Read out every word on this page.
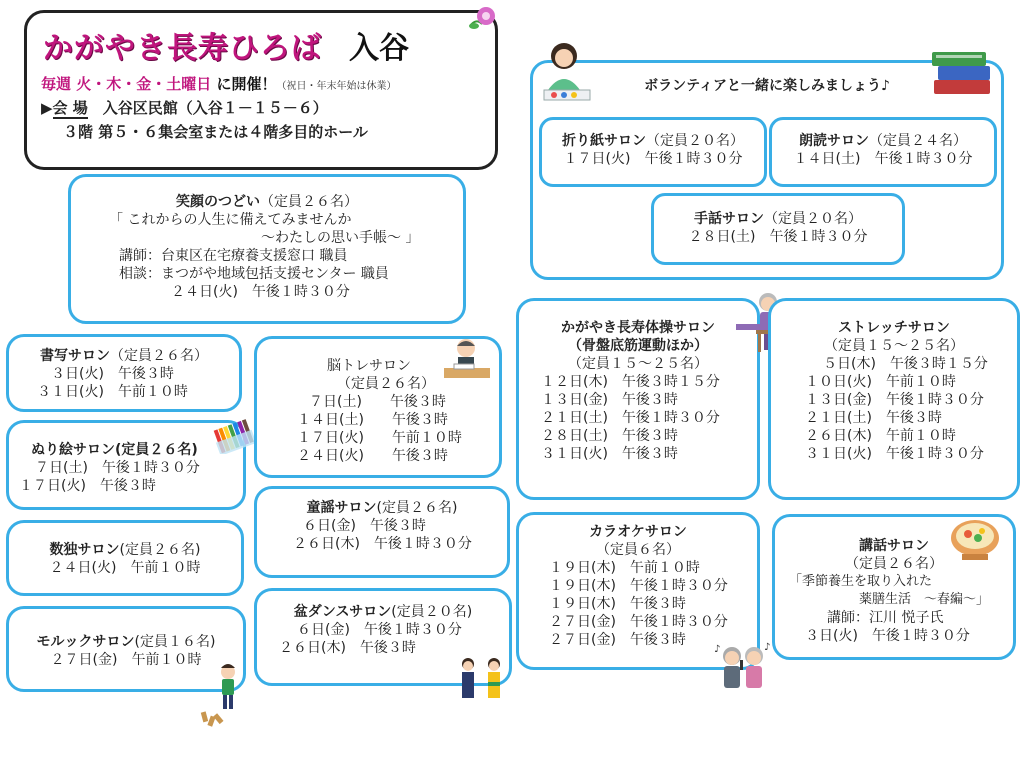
かがやき長寿ひろば 入谷
毎週 火・木・金・土曜日 に開催！（祝日・年末年始は休業）
▶会 場　 入谷区民館（入谷１－１５－６）
３階 第５・６集会室または４階多目的ホール
ボランティアと一緒に楽しみましょう♪
折り紙サロン（定員２０名）
１７日(火)　午後１時３０分
朗読サロン（定員２４名）
１４日(土)　午後１時３０分
手話サロン（定員２０名）
２８日(土)　午後１時３０分
笑顔のつどい（定員２６名）
「 これからの人生に備えてみませんか
～わたしの思い手帳～ 」
講師：台東区在宅療養支援窓口 職員
相談：まつがや地域包括支援センター 職員
２４日(火)　午後１時３０分
書写サロン（定員２６名）
３日(火)　午後３時
３１日(火)　午前１０時
ぬり絵サロン(定員２６名)
７日(土)　午後１時３０分
１７日(火)　午後３時
数独サロン(定員２６名)
２４日(火)　午前１０時
モルックサロン(定員１６名)
２７日(金)　午前１０時
脳トレサロン
（定員２６名）
７日(土)　　午後３時
１４日(土)　　午後３時
１７日(火)　　午前１０時
２４日(火)　　午後３時
童謡サロン(定員２６名)
６日(金)　午後３時
２６日(木)　午後１時３０分
盆ダンスサロン(定員２０名)
６日(金)　午後１時３０分
２６日(木)　午後３時
かがやき長寿体操サロン
（骨盤底筋運動ほか）
（定員１５～２５名）
１２日(木)　午後３時１５分
１３日(金)　午後３時
２１日(土)　午後１時３０分
２８日(土)　午後３時
３１日(火)　午後３時
ストレッチサロン
（定員１５～２５名）
５日(木)　午後３時１５分
１０日(火)　午前１０時
１３日(金)　午後１時３０分
２１日(土)　午後３時
２６日(木)　午前１０時
３１日(火)　午後１時３０分
カラオケサロン
（定員６名）
１９日(木)　午前１０時
１９日(木)　午後１時３０分
１９日(木)　午後３時
２７日(金)　午後１時３０分
２７日(金)　午後３時
♪	♪
講話サロン
（定員２６名）
「季節養生を取り入れた
薬膳生活　～春編～」
講師：江川 悦子氏
３日(火)　午後１時３０分
